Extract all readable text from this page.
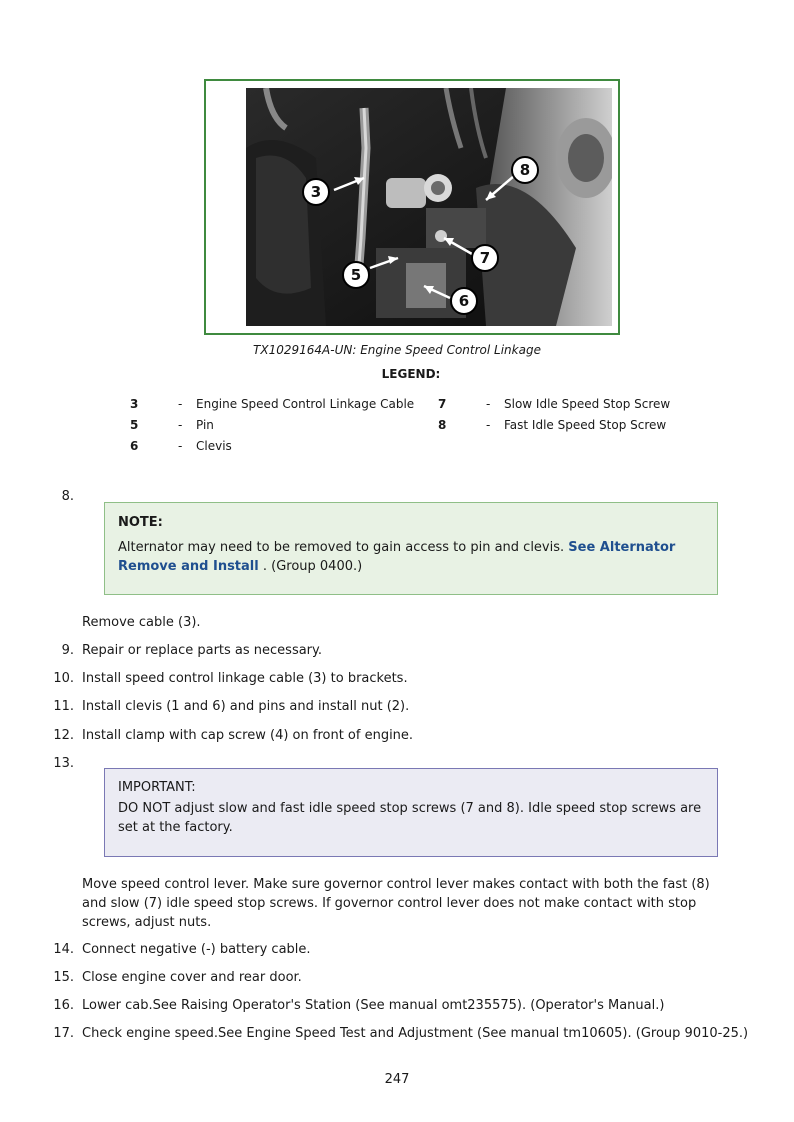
3
8
7
5
6
TX1029164A-UN: Engine Speed Control Linkage
LEGEND:
3	- Engine Speed Control Linkage Cable 7	- Slow Idle Speed Stop Screw
5	- Pin	8	- Fast Idle Speed Stop Screw
6	- Clevis
8.
NOTE:
Alternator may need to be removed to gain access to pin and clevis. See Alternator Remove and Install . (Group 0400.)
Remove cable (3).
9. Repair or replace parts as necessary.
10. Install speed control linkage cable (3) to brackets.
11. Install clevis (1 and 6) and pins and install nut (2).
12. Install clamp with cap screw (4) on front of engine.
13.
IMPORTANT:
DO NOT adjust slow and fast idle speed stop screws (7 and 8). Idle speed stop screws are set at the factory.
Move speed control lever. Make sure governor control lever makes contact with both the fast (8) and slow (7) idle speed stop screws. If governor control lever does not make contact with stop screws, adjust nuts.
14. Connect negative (-) battery cable.
15. Close engine cover and rear door.
16. Lower cab.See Raising Operator's Station (See manual omt235575). (Operator's Manual.)
17. Check engine speed.See Engine Speed Test and Adjustment (See manual tm10605). (Group 9010-25.)
247
